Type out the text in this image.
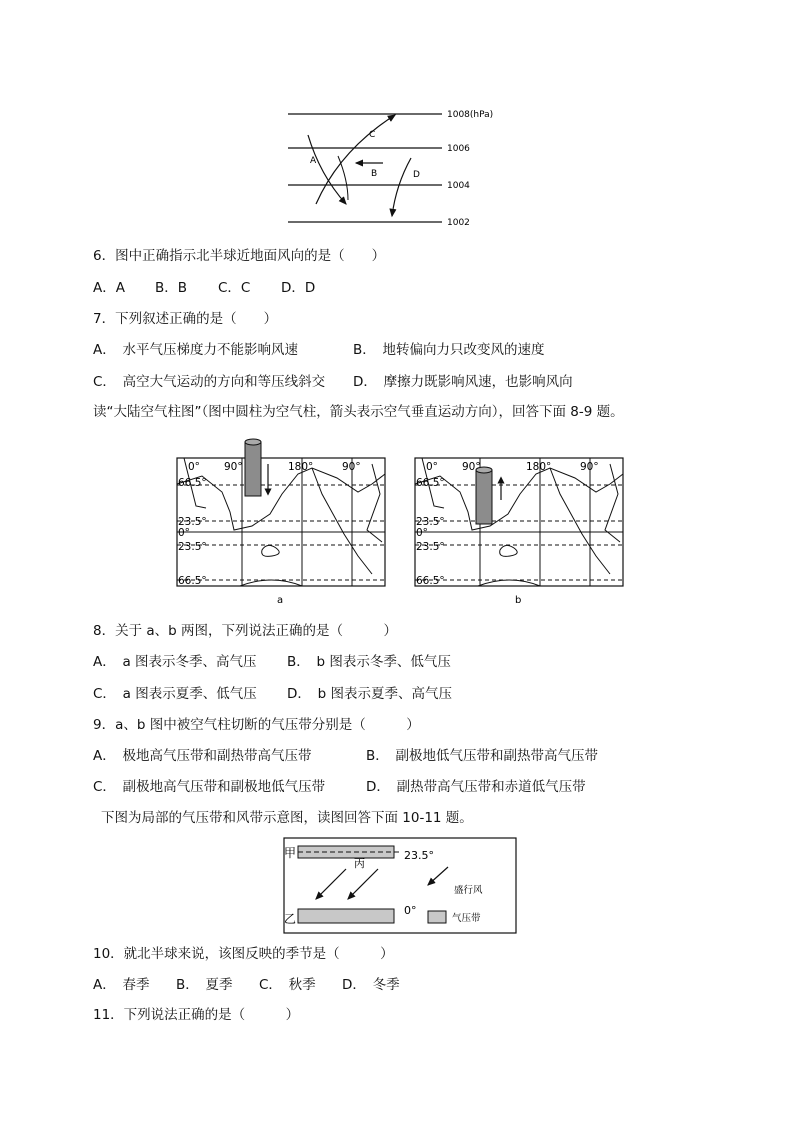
1008(hPa)
1006
1004
1002
A
B
C
D
6．图中正确指示北半球近地面风向的是（　　）
A．A B．B C．C D．D
7．下列叙述正确的是（　　）
A．　水平气压梯度力不能影响风速	B．　地转偏向力只改变风的速度
C．　高空大气运动的方向和等压线斜交 D．　摩擦力既影响风速，也影响风向
读“大陆空气柱图”（图中圆柱为空气柱，箭头表示空气垂直运动方向），回答下面 8-9 题。
0° 90°	180°	90°
66.5°
23.5°
0°
23.5°
66.5°
a
0° 90°	180°	90°
66.5°
23.5°
0°
23.5°
66.5°
b
8．关于 a、b 两图，下列说法正确的是（　　　）
A．　a 图表示冬季、高气压 B．　b 图表示冬季、低气压
C．　a 图表示夏季、低气压 D．　b 图表示夏季、高气压
9．a、b 图中被空气柱切断的气压带分别是（　　　）
A．　极地高气压带和副热带高气压带	B．　副极地低气压带和副热带高气压带
C．　副极地高气压带和副极地低气压带	D．　副热带高气压带和赤道低气压带
下图为局部的气压带和风带示意图，读图回答下面 10-11 题。
甲
乙
丙
23.5°
0°
盛行风
气压带
10．就北半球来说，该图反映的季节是（　　　）
A．　春季 B．　夏季 C．　秋季 D．　冬季
11．下列说法正确的是（　　　）
